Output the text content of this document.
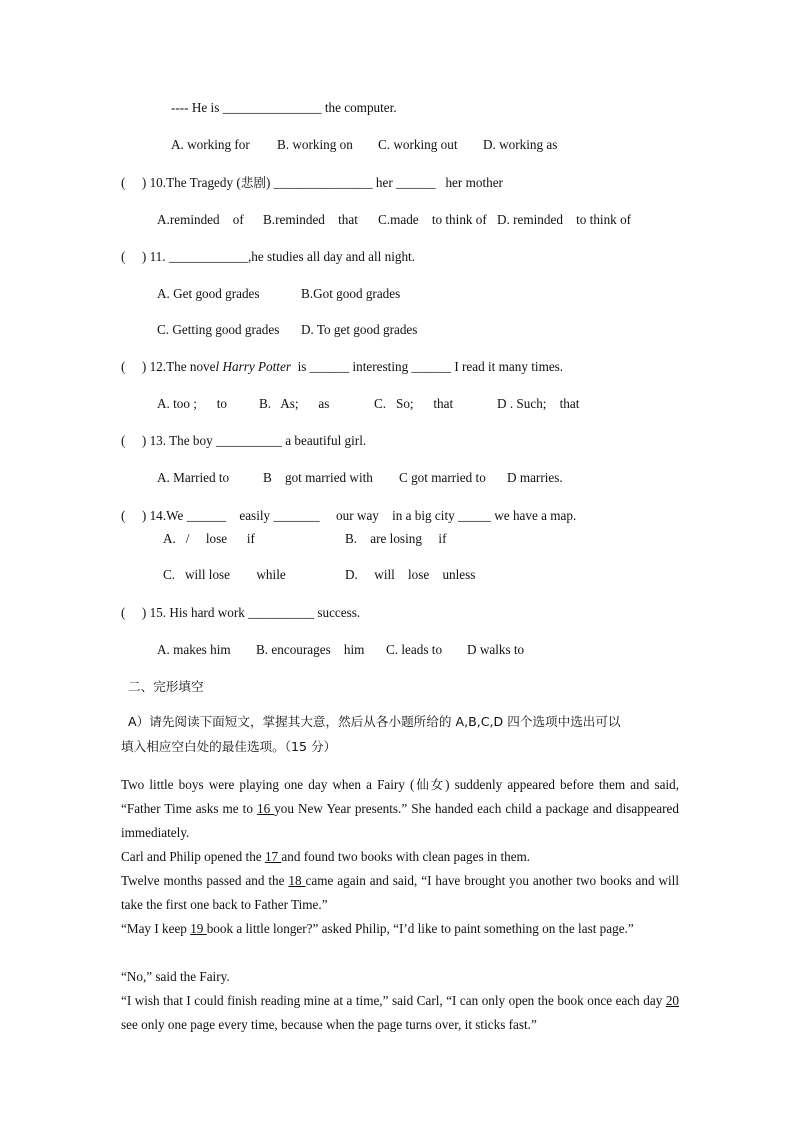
---- He is _______________ the computer.
A. working for B. working on C. working out D. working as
(     ) 10.The Tragedy (悲剧) _______________ her ______   her mother
A.reminded    of B.reminded    that C.made    to think of D. reminded    to think of
(     ) 11. ____________,he studies all day and all night.
A. Get good grades	B.Got good grades
C. Getting good grades D. To get good grades
(     ) 12.The novel Harry Potter  is ______ interesting ______ I read it many times.
A. too ;      to B.   As;      as	C.   So;      that	D . Such;    that
(     ) 13. The boy __________ a beautiful girl.
A. Married to	B    got married with C got married to D marries.
(     ) 14.We ______    easily _______     our way    in a big city _____ we have a map.
A.   /     lose      if	B.    are losing     if
C.   will lose        while	D.     will    lose    unless
(     ) 15. His hard work __________ success.
A. makes him B. encourages    him C. leads to D walks to
二、完形填空
A）请先阅读下面短文，掌握其大意，然后从各小题所给的 A,B,C,D 四个选项中选出可以
填入相应空白处的最佳选项。（15 分）
Two little boys were playing one day when a Fairy (仙女) suddenly appeared before them and said, “Father Time asks me to 16 you New Year presents.” She handed each child a package and disappeared immediately.
Carl and Philip opened the 17 and found two books with clean pages in them.
Twelve months passed and the 18 came again and said, “I have brought you another two books and will take the first one back to Father Time.”
“May I keep 19 book a little longer?” asked Philip, “I’d like to paint something on the last page.”
“No,” said the Fairy.
“I wish that I could finish reading mine at a time,” said Carl, “I can only open the book once each day 20 see only one page every time, because when the page turns over, it sticks fast.”
